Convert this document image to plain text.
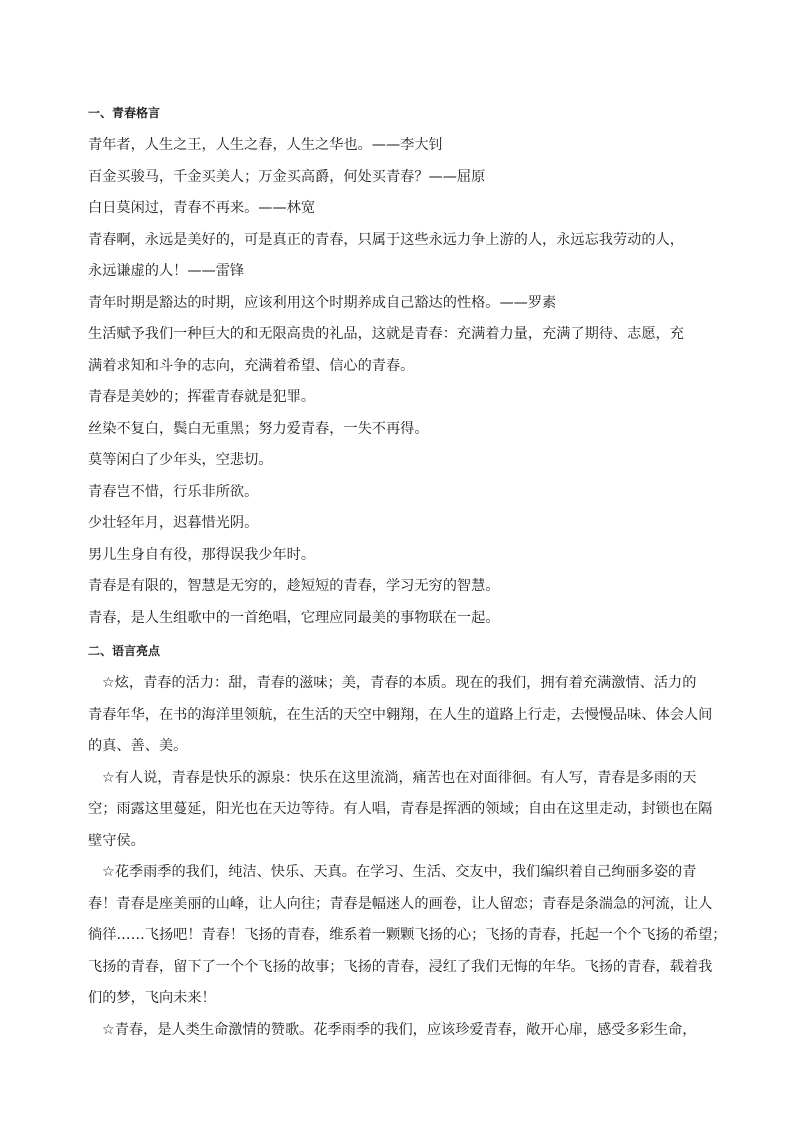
一、青春格言
青年者，人生之王，人生之春，人生之华也。——李大钊
百金买骏马，千金买美人；万金买高爵，何处买青春？——屈原
白日莫闲过，青春不再来。——林宽
青春啊，永远是美好的，可是真正的青春，只属于这些永远力争上游的人，永远忘我劳动的人，
永远谦虚的人！——雷锋
青年时期是豁达的时期，应该利用这个时期养成自己豁达的性格。——罗素
生活赋予我们一种巨大的和无限高贵的礼品，这就是青春：充满着力量，充满了期待、志愿，充
满着求知和斗争的志向，充满着希望、信心的青春。
青春是美妙的；挥霍青春就是犯罪。
丝染不复白，鬓白无重黑；努力爱青春，一失不再得。
莫等闲白了少年头，空悲切。
青春岂不惜，行乐非所欲。
少壮轻年月，迟暮惜光阴。
男儿生身自有役，那得误我少年时。
青春是有限的，智慧是无穷的，趁短短的青春，学习无穷的智慧。
青春，是人生组歌中的一首绝唱，它理应同最美的事物联在一起。
二、语言亮点
☆炫，青春的活力：甜，青春的滋味；美，青春的本质。现在的我们，拥有着充满激情、活力的
青春年华，在书的海洋里领航，在生活的天空中翱翔，在人生的道路上行走，去慢慢品味、体会人间
的真、善、美。
☆有人说，青春是快乐的源泉：快乐在这里流淌，痛苦也在对面徘徊。有人写，青春是多雨的天
空；雨露这里蔓延，阳光也在天边等待。有人唱，青春是挥洒的领域；自由在这里走动，封锁也在隔
壁守侯。
☆花季雨季的我们，纯洁、快乐、天真。在学习、生活、交友中，我们编织着自己绚丽多姿的青
春！青春是座美丽的山峰，让人向往；青春是幅迷人的画卷，让人留恋；青春是条湍急的河流，让人
徜徉……飞扬吧！青春！飞扬的青春，维系着一颗颗飞扬的心；飞扬的青春，托起一个个飞扬的希望；
飞扬的青春，留下了一个个飞扬的故事；飞扬的青春，浸红了我们无悔的年华。飞扬的青春，载着我
们的梦，飞向未来！
☆青春，是人类生命激情的赞歌。花季雨季的我们，应该珍爱青春，敞开心扉，感受多彩生命，
